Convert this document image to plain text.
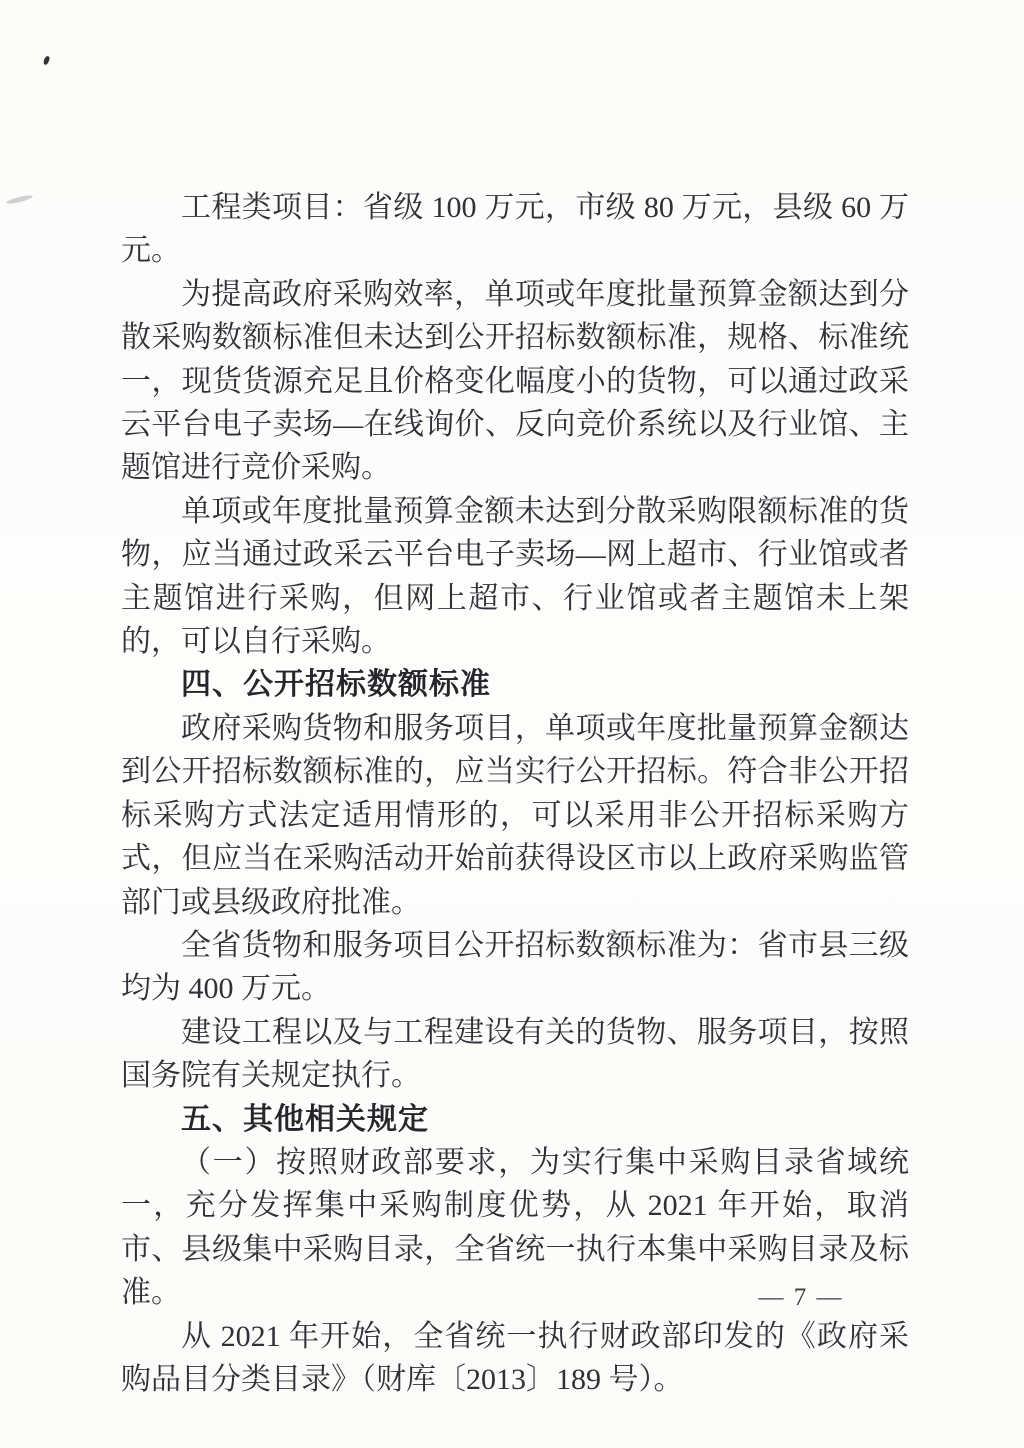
工程类项目：省级 100 万元，市级 80 万元，县级 60 万元。

为提高政府采购效率，单项或年度批量预算金额达到分散采购数额标准但未达到公开招标数额标准，规格、标准统一，现货货源充足且价格变化幅度小的货物，可以通过政采云平台电子卖场—在线询价、反向竞价系统以及行业馆、主题馆进行竞价采购。

单项或年度批量预算金额未达到分散采购限额标准的货物，应当通过政采云平台电子卖场—网上超市、行业馆或者主题馆进行采购，但网上超市、行业馆或者主题馆未上架的，可以自行采购。

四、公开招标数额标准

政府采购货物和服务项目，单项或年度批量预算金额达到公开招标数额标准的，应当实行公开招标。符合非公开招标采购方式法定适用情形的，可以采用非公开招标采购方式，但应当在采购活动开始前获得设区市以上政府采购监管部门或县级政府批准。

全省货物和服务项目公开招标数额标准为：省市县三级均为 400 万元。

建设工程以及与工程建设有关的货物、服务项目，按照国务院有关规定执行。

五、其他相关规定

（一）按照财政部要求，为实行集中采购目录省域统一，充分发挥集中采购制度优势，从 2021 年开始，取消市、县级集中采购目录，全省统一执行本集中采购目录及标准。

从 2021 年开始，全省统一执行财政部印发的《政府采购品目分类目录》（财库〔2013〕189 号）。

— 7 —
